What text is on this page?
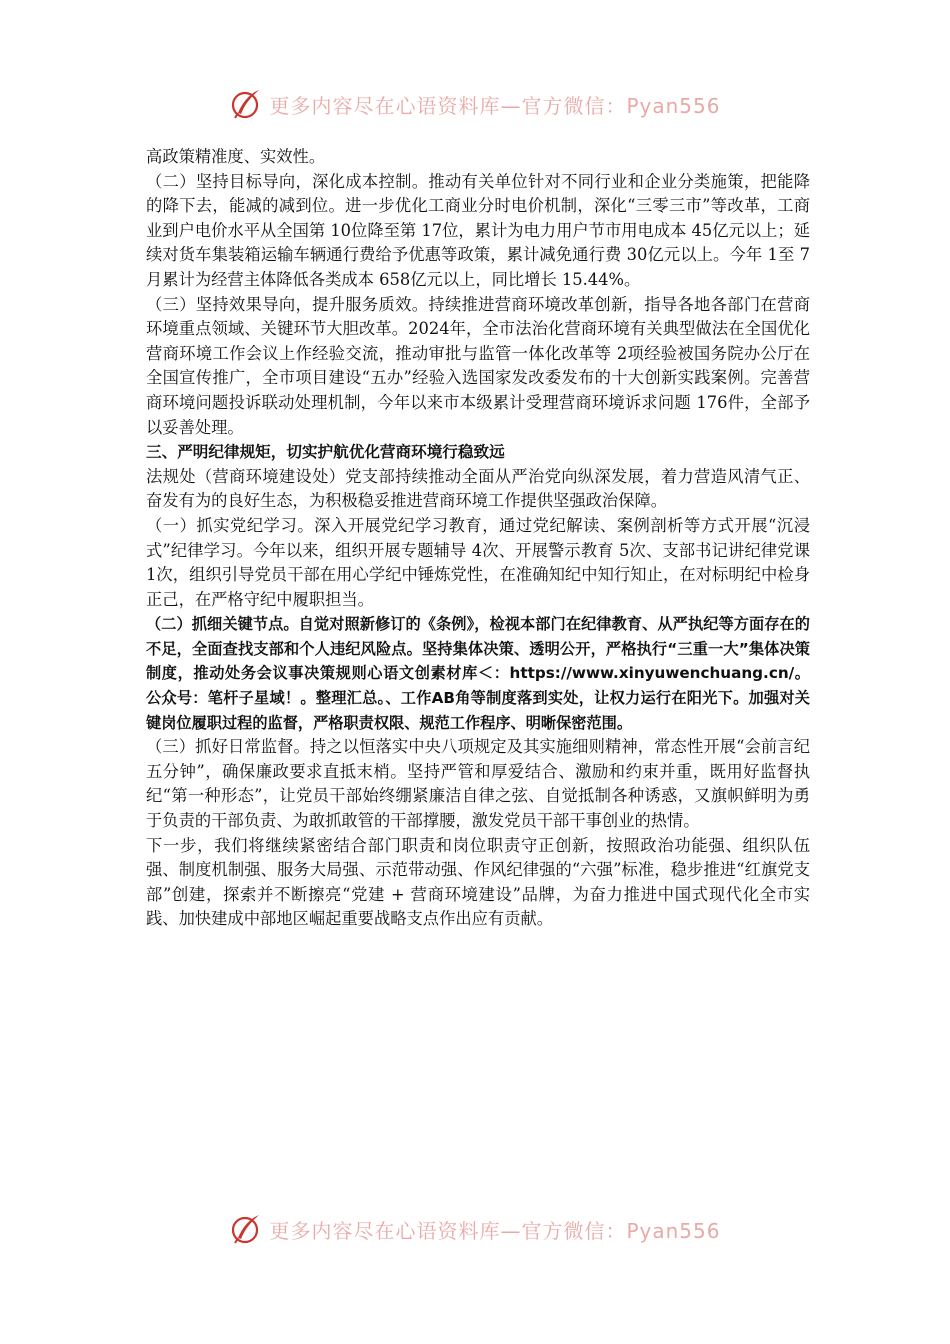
更多内容尽在心语资料库—官方微信：Pyan556

高政策精准度、实效性。

（二）坚持目标导向，深化成本控制。推动有关单位针对不同行业和企业分类施策，把能降的降下去，能减的减到位。进一步优化工商业分时电价机制，深化“三零三市”等改革，工商业到户电价水平从全国第 10位降至第 17位，累计为电力用户节市用电成本 45亿元以上；延续对货车集装箱运输车辆通行费给予优惠等政策，累计减免通行费 30亿元以上。今年 1至 7月累计为经营主体降低各类成本 658亿元以上，同比增长 15.44%。

（三）坚持效果导向，提升服务质效。持续推进营商环境改革创新，指导各地各部门在营商环境重点领域、关键环节大胆改革。2024年，全市法治化营商环境有关典型做法在全国优化营商环境工作会议上作经验交流，推动审批与监管一体化改革等 2项经验被国务院办公厅在全国宣传推广，全市项目建设“五办”经验入选国家发改委发布的十大创新实践案例。完善营商环境问题投诉联动处理机制，今年以来市本级累计受理营商环境诉求问题 176件，全部予以妥善处理。

三、严明纪律规矩，切实护航优化营商环境行稳致远

法规处（营商环境建设处）党支部持续推动全面从严治党向纵深发展，着力营造风清气正、奋发有为的良好生态，为积极稳妥推进营商环境工作提供坚强政治保障。

（一）抓实党纪学习。深入开展党纪学习教育，通过党纪解读、案例剖析等方式开展“沉浸式”纪律学习。今年以来，组织开展专题辅导 4次、开展警示教育 5次、支部书记讲纪律党课 1次，组织引导党员干部在用心学纪中锤炼党性，在准确知纪中知行知止，在对标明纪中检身正己，在严格守纪中履职担当。

（二）抓细关键节点。自觉对照新修订的《条例》，检视本部门在纪律教育、从严执纪等方面存在的不足，全面查找支部和个人违纪风险点。坚持集体决策、透明公开，严格执行“三重一大”集体决策制度，推动处务会议事决策规则心语文创素材库＜：https://www.xinyuwenchuang.cn/。公众号：笔杆子星域！。整理汇总。、工作AB角等制度落到实处，让权力运行在阳光下。加强对关键岗位履职过程的监督，严格职责权限、规范工作程序、明晰保密范围。

（三）抓好日常监督。持之以恒落实中央八项规定及其实施细则精神，常态性开展“会前言纪五分钟”，确保廉政要求直抵末梢。坚持严管和厚爱结合、激励和约束并重，既用好监督执纪“第一种形态”，让党员干部始终绷紧廉洁自律之弦、自觉抵制各种诱惑，又旗帜鲜明为勇于负责的干部负责、为敢抓敢管的干部撑腰，激发党员干部干事创业的热情。

下一步，我们将继续紧密结合部门职责和岗位职责守正创新，按照政治功能强、组织队伍强、制度机制强、服务大局强、示范带动强、作风纪律强的“六强”标准，稳步推进“红旗党支部”创建，探索并不断擦亮“党建 + 营商环境建设”品牌，为奋力推进中国式现代化全市实践、加快建成中部地区崛起重要战略支点作出应有贡献。

更多内容尽在心语资料库—官方微信：Pyan556
